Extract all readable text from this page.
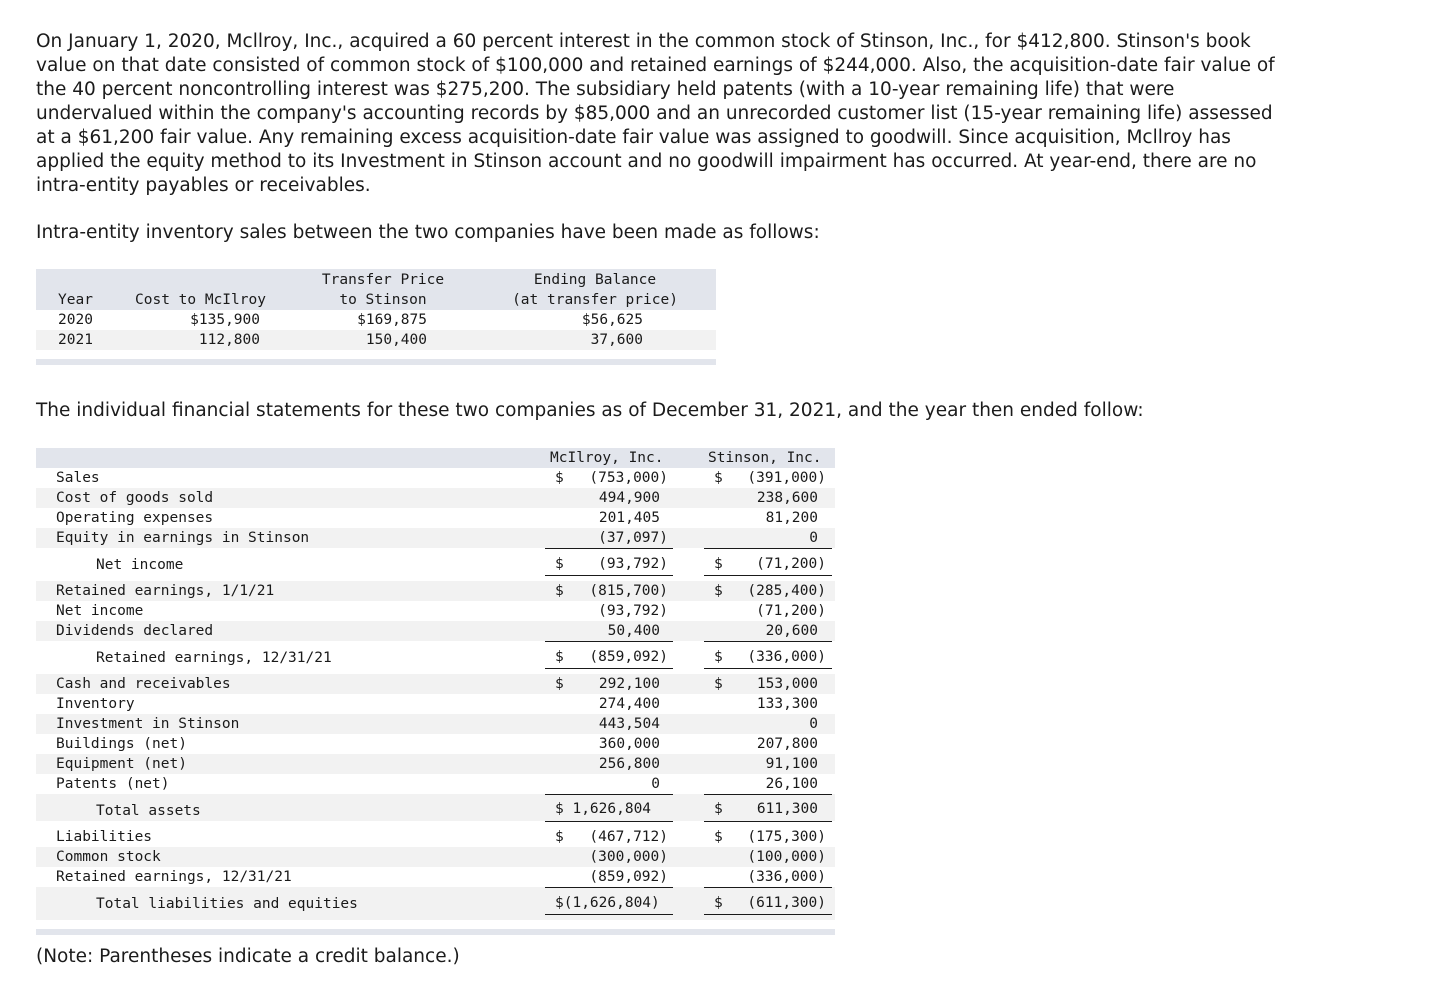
On January 1, 2020, Mcllroy, Inc., acquired a 60 percent interest in the common stock of Stinson, Inc., for $412,800. Stinson's book value on that date consisted of common stock of $100,000 and retained earnings of $244,000. Also, the acquisition-date fair value of the 40 percent noncontrolling interest was $275,200. The subsidiary held patents (with a 10-year remaining life) that were undervalued within the company's accounting records by $85,000 and an unrecorded customer list (15-year remaining life) assessed at a $61,200 fair value. Any remaining excess acquisition-date fair value was assigned to goodwill. Since acquisition, Mcllroy has applied the equity method to its Investment in Stinson account and no goodwill impairment has occurred. At year-end, there are no intra-entity payables or receivables.

Intra-entity inventory sales between the two companies have been made as follows:

Transfer Price	Ending Balance
Year	Cost to McIlroy	to Stinson	(at transfer price)
2020	$135,900	$169,875	$56,625
2021	112,800	150,400	37,600

The individual financial statements for these two companies as of December 31, 2021, and the year then ended follow:

McIlroy, Inc.	Stinson, Inc.
Sales	$	(753,000)	$	(391,000)
Cost of goods sold	494,900	238,600
Operating expenses	201,405	81,200
Equity in earnings in Stinson	(37,097)	0
Net income	$	(93,792)	$	(71,200)
Retained earnings, 1/1/21	$	(815,700)	$	(285,400)
Net income	(93,792)	(71,200)
Dividends declared	50,400	20,600
Retained earnings, 12/31/21	$	(859,092)	$	(336,000)
Cash and receivables	$	292,100	$	153,000
Inventory	274,400	133,300
Investment in Stinson	443,504	0
Buildings (net)	360,000	207,800
Equipment (net)	256,800	91,100
Patents (net)	0	26,100
Total assets	$ 1,626,804	$	611,300
Liabilities	$	(467,712)	$	(175,300)
Common stock	(300,000)	(100,000)
Retained earnings, 12/31/21	(859,092)	(336,000)
Total liabilities and equities	$(1,626,804)	$	(611,300)

(Note: Parentheses indicate a credit balance.)
